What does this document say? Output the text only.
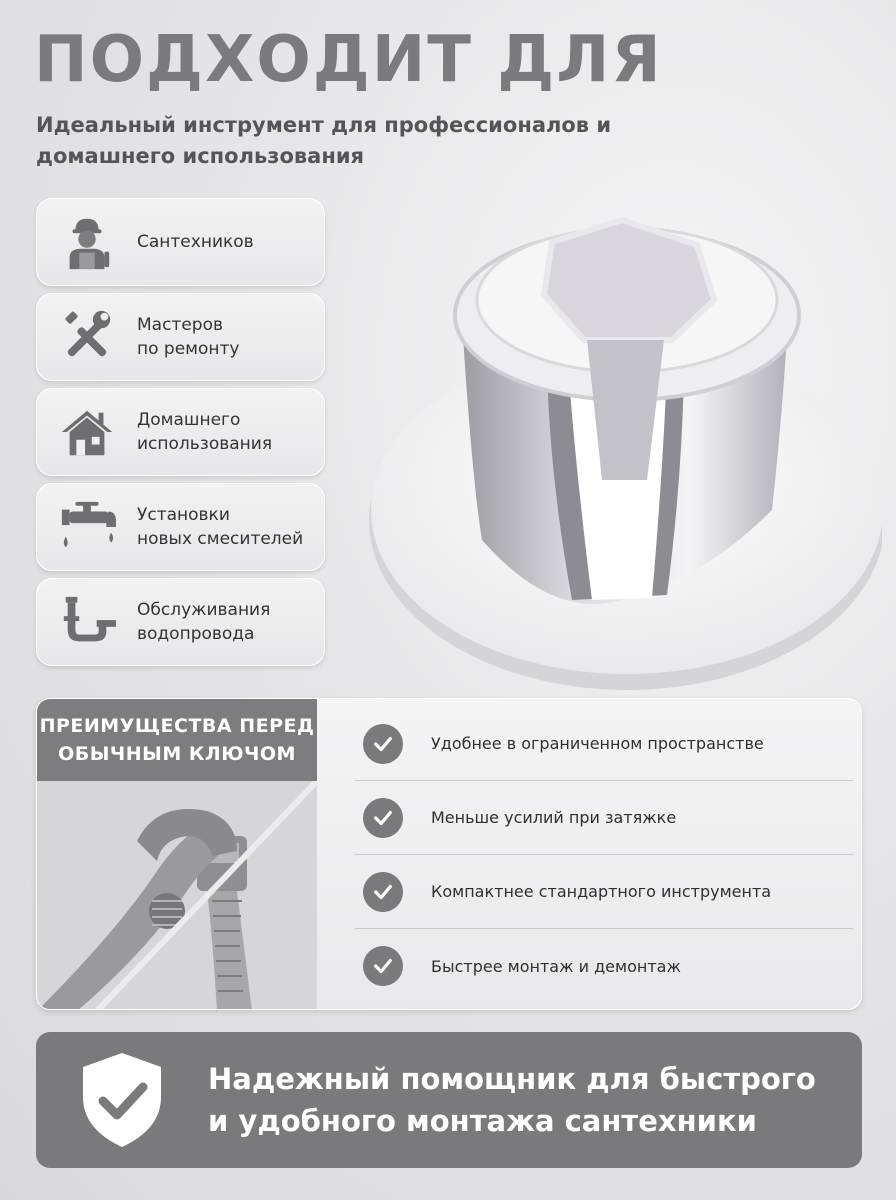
ПОДХОДИТ ДЛЯ
Идеальный инструмент для профессионалов и домашнего использования
Сантехников
Мастеров
по ремонту
Домашнего
использования
Установки
новых смесителей
Обслуживания
водопровода
ПРЕИМУЩЕСТВА ПЕРЕД ОБЫЧНЫМ КЛЮЧОМ	Удобнее в ограниченном пространстве
Меньше усилий при затяжке
Компактнее стандартного инструмента
Быстрее монтаж и демонтаж
Надежный помощник для быстрого
и удобного монтажа сантехники
